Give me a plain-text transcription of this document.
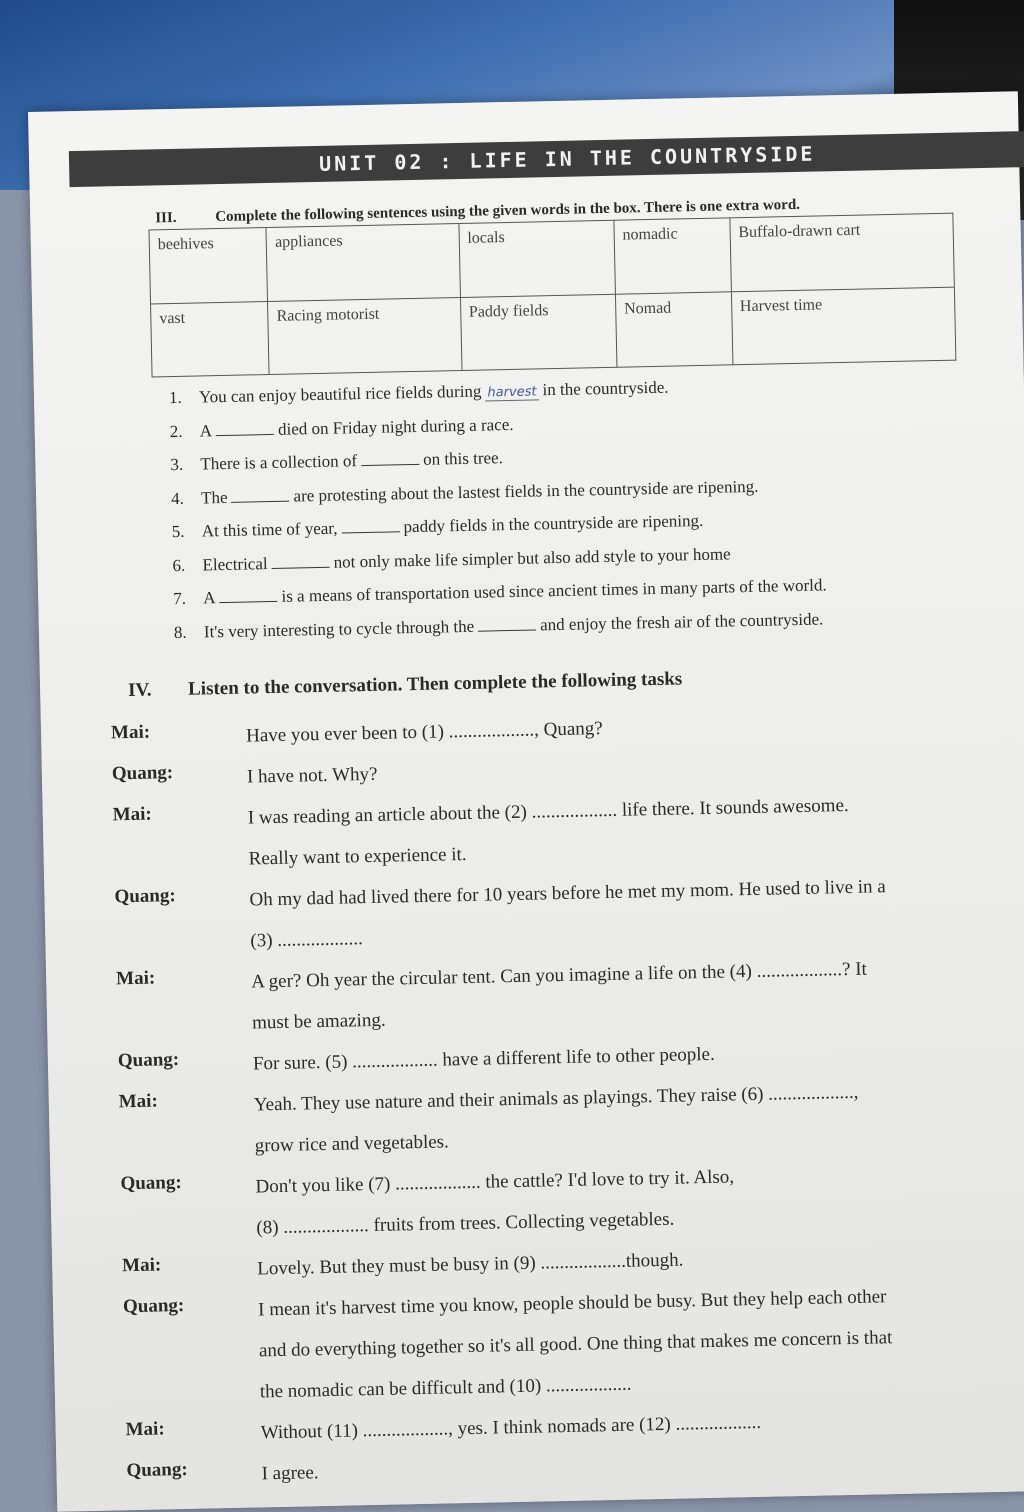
UNIT 02 : LIFE IN THE COUNTRYSIDE
III.	Complete the following sentences using the given words in the box. There is one extra word.
beehives	appliances	locals	nomadic	Buffalo-drawn cart
vast	Racing motorist	Paddy fields	Nomad	Harvest time
1. You can enjoy beautiful rice fields during harvest in the countryside.
2. A	died on Friday night during a race.
3. There is a collection of	on this tree.
4. The	are protesting about the lastest fields in the countryside are ripening.
5. At this time of year,	paddy fields in the countryside are ripening.
6. Electrical	not only make life simpler but also add style to your home
7. A	is a means of transportation used since ancient times in many parts of the world.
8. It's very interesting to cycle through the	and enjoy the fresh air of the countryside.
IV. Listen to the conversation. Then complete the following tasks
Mai:	Have you ever been to (1) .................., Quang?
Quang:	I have not. Why?
Mai:	I was reading an article about the (2) .................. life there. It sounds awesome.
Really want to experience it.
Quang:	Oh my dad had lived there for 10 years before he met my mom. He used to live in a
(3) ..................
Mai:	A ger? Oh year the circular tent. Can you imagine a life on the (4) ..................? It
must be amazing.
Quang:	For sure. (5) .................. have a different life to other people.
Mai:	Yeah. They use nature and their animals as playings. They raise (6) ..................,
grow rice and vegetables.
Quang:	Don't you like (7) .................. the cattle? I'd love to try it. Also,
(8) .................. fruits from trees. Collecting vegetables.
Mai:	Lovely. But they must be busy in (9) ..................though.
Quang:	I mean it's harvest time you know, people should be busy. But they help each other
and do everything together so it's all good. One thing that makes me concern is that
the nomadic can be difficult and (10) ..................
Mai:	Without (11) .................., yes. I think nomads are (12) ..................
Quang:	I agree.
